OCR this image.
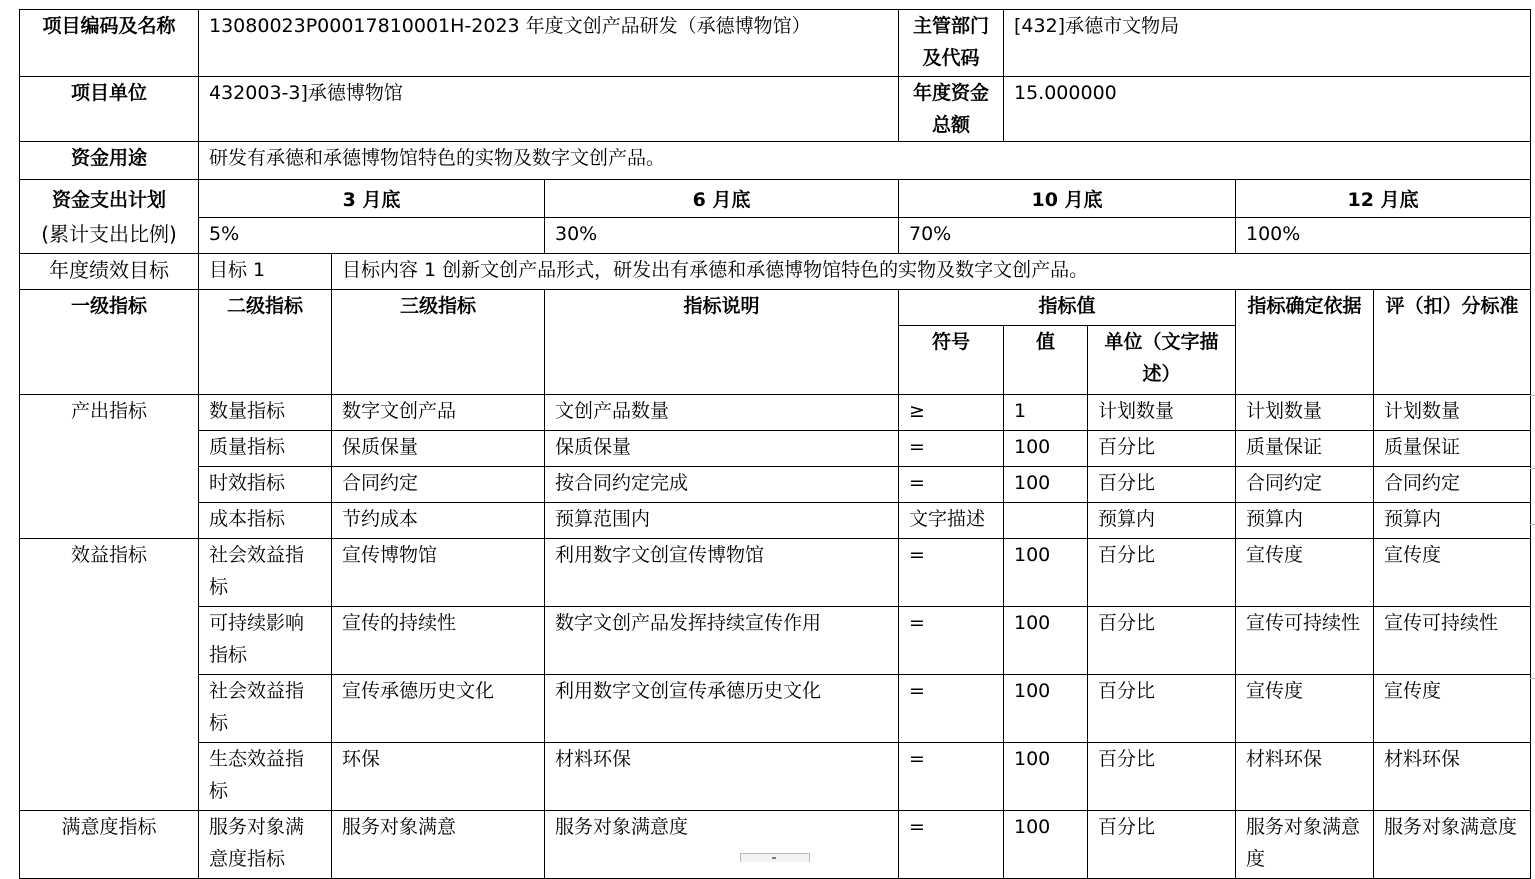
项目编码及名称	13080023P00017810001H-2023 年度文创产品研发（承德博物馆）			主管部门及代码	[432]承德市文物局			
项目单位	432003-3]承德博物馆			年度资金总额	15.000000			
资金用途	研发有承德和承德博物馆特色的实物及数字文创产品。							
资金支出计划	3 月底		6 月底	10 月底			12 月底	
(累计支出比例)	5%		30%	70%			100%	
年度绩效目标	目标 1	目标内容 1 创新文创产品形式，研发出有承德和承德博物馆特色的实物及数字文创产品。						
一级指标	二级指标	三级指标	指标说明	指标值			指标确定依据	评（扣）分标准
				符号	值	单位（文字描述）		
产出指标	数量指标	数字文创产品	文创产品数量	≥	1	计划数量	计划数量	计划数量
	质量指标	保质保量	保质保量	=	100	百分比	质量保证	质量保证
	时效指标	合同约定	按合同约定完成	=	100	百分比	合同约定	合同约定
	成本指标	节约成本	预算范围内	文字描述		预算内	预算内	预算内
效益指标	社会效益指标	宣传博物馆	利用数字文创宣传博物馆	=	100	百分比	宣传度	宣传度
	可持续影响指标	宣传的持续性	数字文创产品发挥持续宣传作用	=	100	百分比	宣传可持续性	宣传可持续性
	社会效益指标	宣传承德历史文化	利用数字文创宣传承德历史文化	=	100	百分比	宣传度	宣传度
	生态效益指标	环保	材料环保	=	100	百分比	材料环保	材料环保
满意度指标	服务对象满意度指标	服务对象满意	服务对象满意度	=	100	百分比	服务对象满意度	服务对象满意度
